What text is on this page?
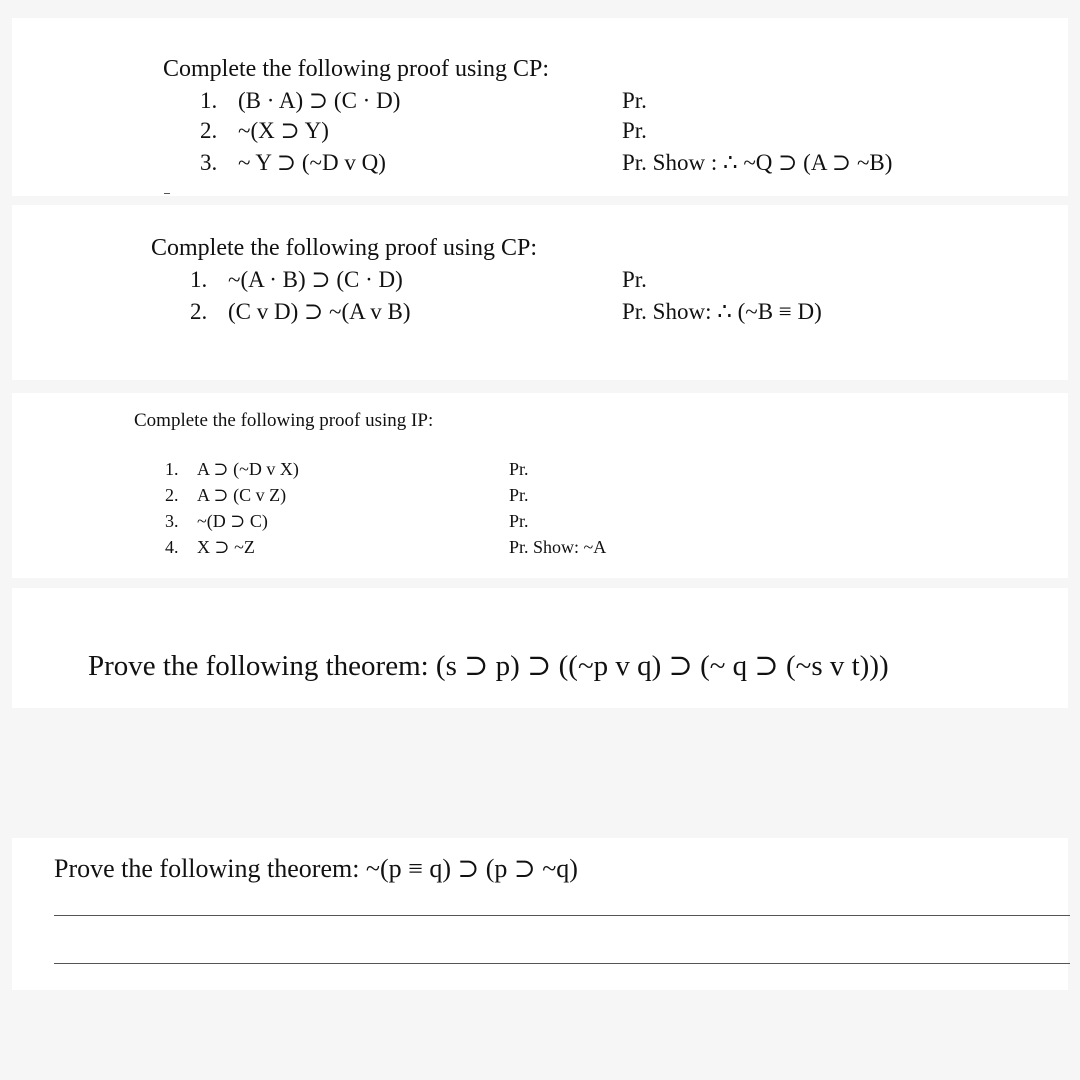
Complete the following proof using CP:
1. (B · A) ⊃ (C · D)	Pr.
2. ~(X ⊃ Y)	Pr.
3. ~ Y ⊃ (~D v Q)	Pr. Show : ∴ ~Q ⊃ (A ⊃ ~B)
Complete the following proof using CP:
1. ~(A · B) ⊃ (C · D)	Pr.
2. (C v D) ⊃ ~(A v B)	Pr. Show: ∴ (~B ≡ D)
Complete the following proof using IP:
1. A ⊃ (~D v X)	Pr.
2. A ⊃ (C v Z)	Pr.
3. ~(D ⊃ C)	Pr.
4. X ⊃ ~Z	Pr. Show: ~A
Prove the following theorem: (s ⊃ p) ⊃ ((~p v q) ⊃ (~ q ⊃ (~s v t)))
Prove the following theorem: ~(p ≡ q) ⊃ (p ⊃ ~q)
